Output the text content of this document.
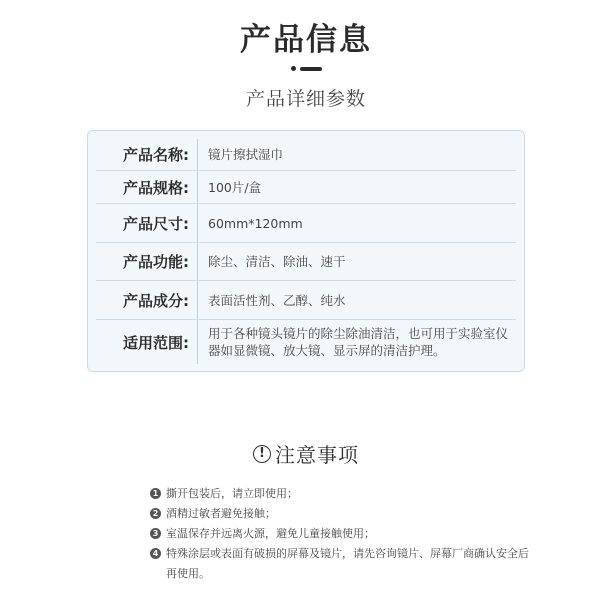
产品信息
产品详细参数
产品名称:	镜片擦拭湿巾
产品规格:	100片/盒
产品尺寸:	60mm*120mm
产品功能:	除尘、清洁、除油、速干
产品成分:	表面活性剂、乙醇、纯水
适用范围:	用于各种镜头镜片的除尘除油清洁，也可用于实验室仪器如显微镜、放大镜、显示屏的清洁护理。
! 注意事项
1 撕开包装后，请立即使用；
2 酒精过敏者避免接触；
3 室温保存并远离火源，避免儿童接触使用；
4 特殊涂层或表面有破损的屏幕及镜片，请先咨询镜片、屏幕厂商确认安全后再使用。
